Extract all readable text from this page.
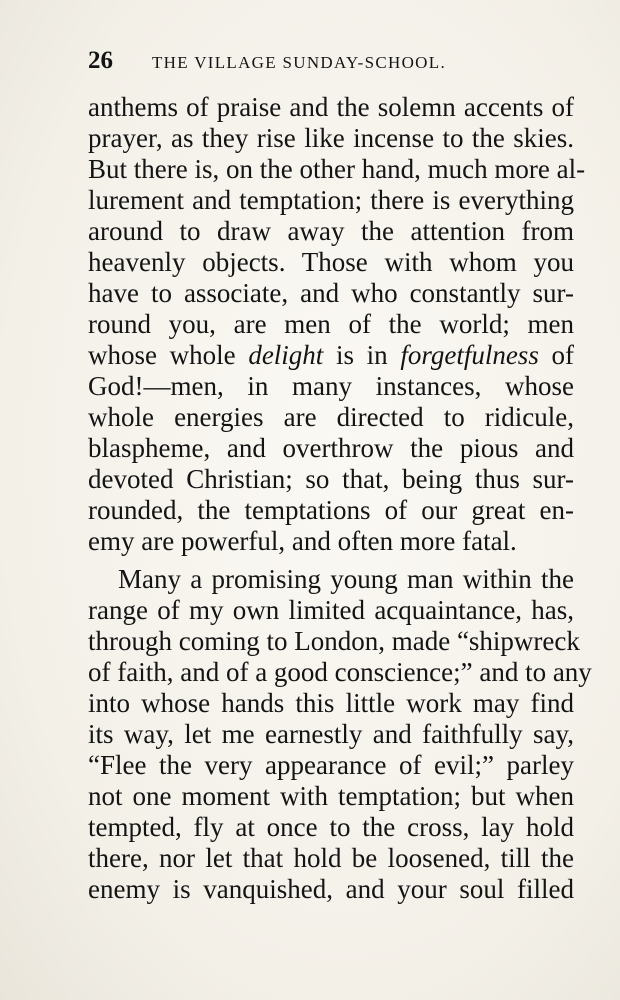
26	THE VILLAGE SUNDAY-SCHOOL.
anthems of praise and the solemn accents of
prayer, as they rise like incense to the skies.
But there is, on the other hand, much more al-
lurement and temptation; there is everything
around to draw away the attention from
heavenly objects. Those with whom you
have to associate, and who constantly sur-
round you, are men of the world; men
whose whole delight is in forgetfulness of
God!—men, in many instances, whose
whole energies are directed to ridicule,
blaspheme, and overthrow the pious and
devoted Christian; so that, being thus sur-
rounded, the temptations of our great en-
emy are powerful, and often more fatal.
Many a promising young man within the
range of my own limited acquaintance, has,
through coming to London, made “shipwreck
of faith, and of a good conscience;” and to any
into whose hands this little work may find
its way, let me earnestly and faithfully say,
“Flee the very appearance of evil;” parley
not one moment with temptation; but when
tempted, fly at once to the cross, lay hold
there, nor let that hold be loosened, till the
enemy is vanquished, and your soul filled
